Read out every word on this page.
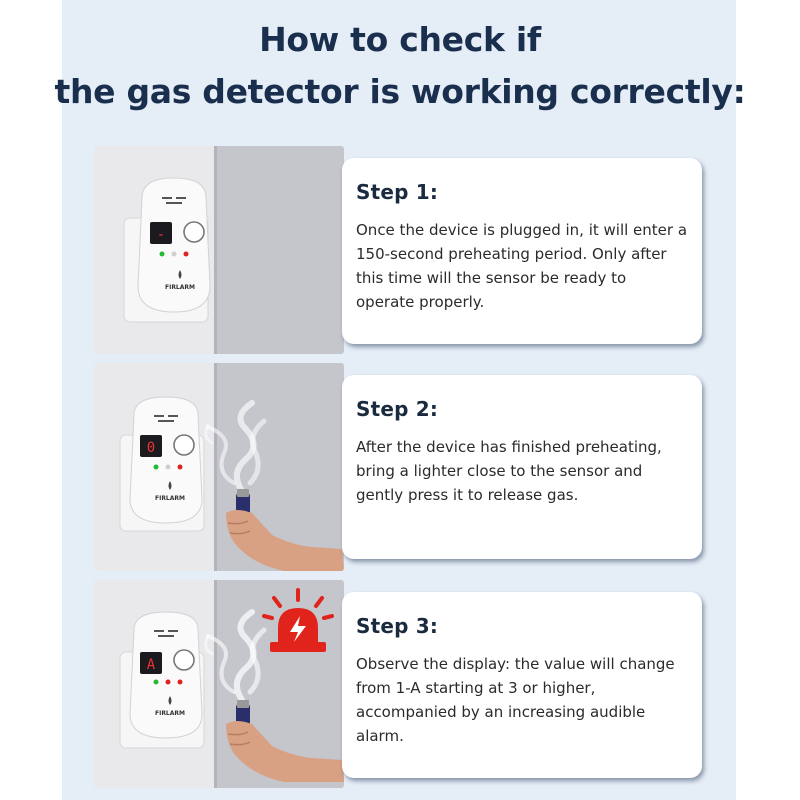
How to check if
the gas detector is working correctly:
-
FIRLARM
Step 1:

Once the device is plugged in, it will enter a 150-second preheating period. Only after this time will the sensor be ready to operate properly.

0
FIRLARM
Step 2:

After the device has finished preheating, bring a lighter close to the sensor and gently press it to release gas.

A
FIRLARM
Step 3:

Observe the display: the value will change from 1-A starting at 3 or higher, accompanied by an increasing audible alarm.
